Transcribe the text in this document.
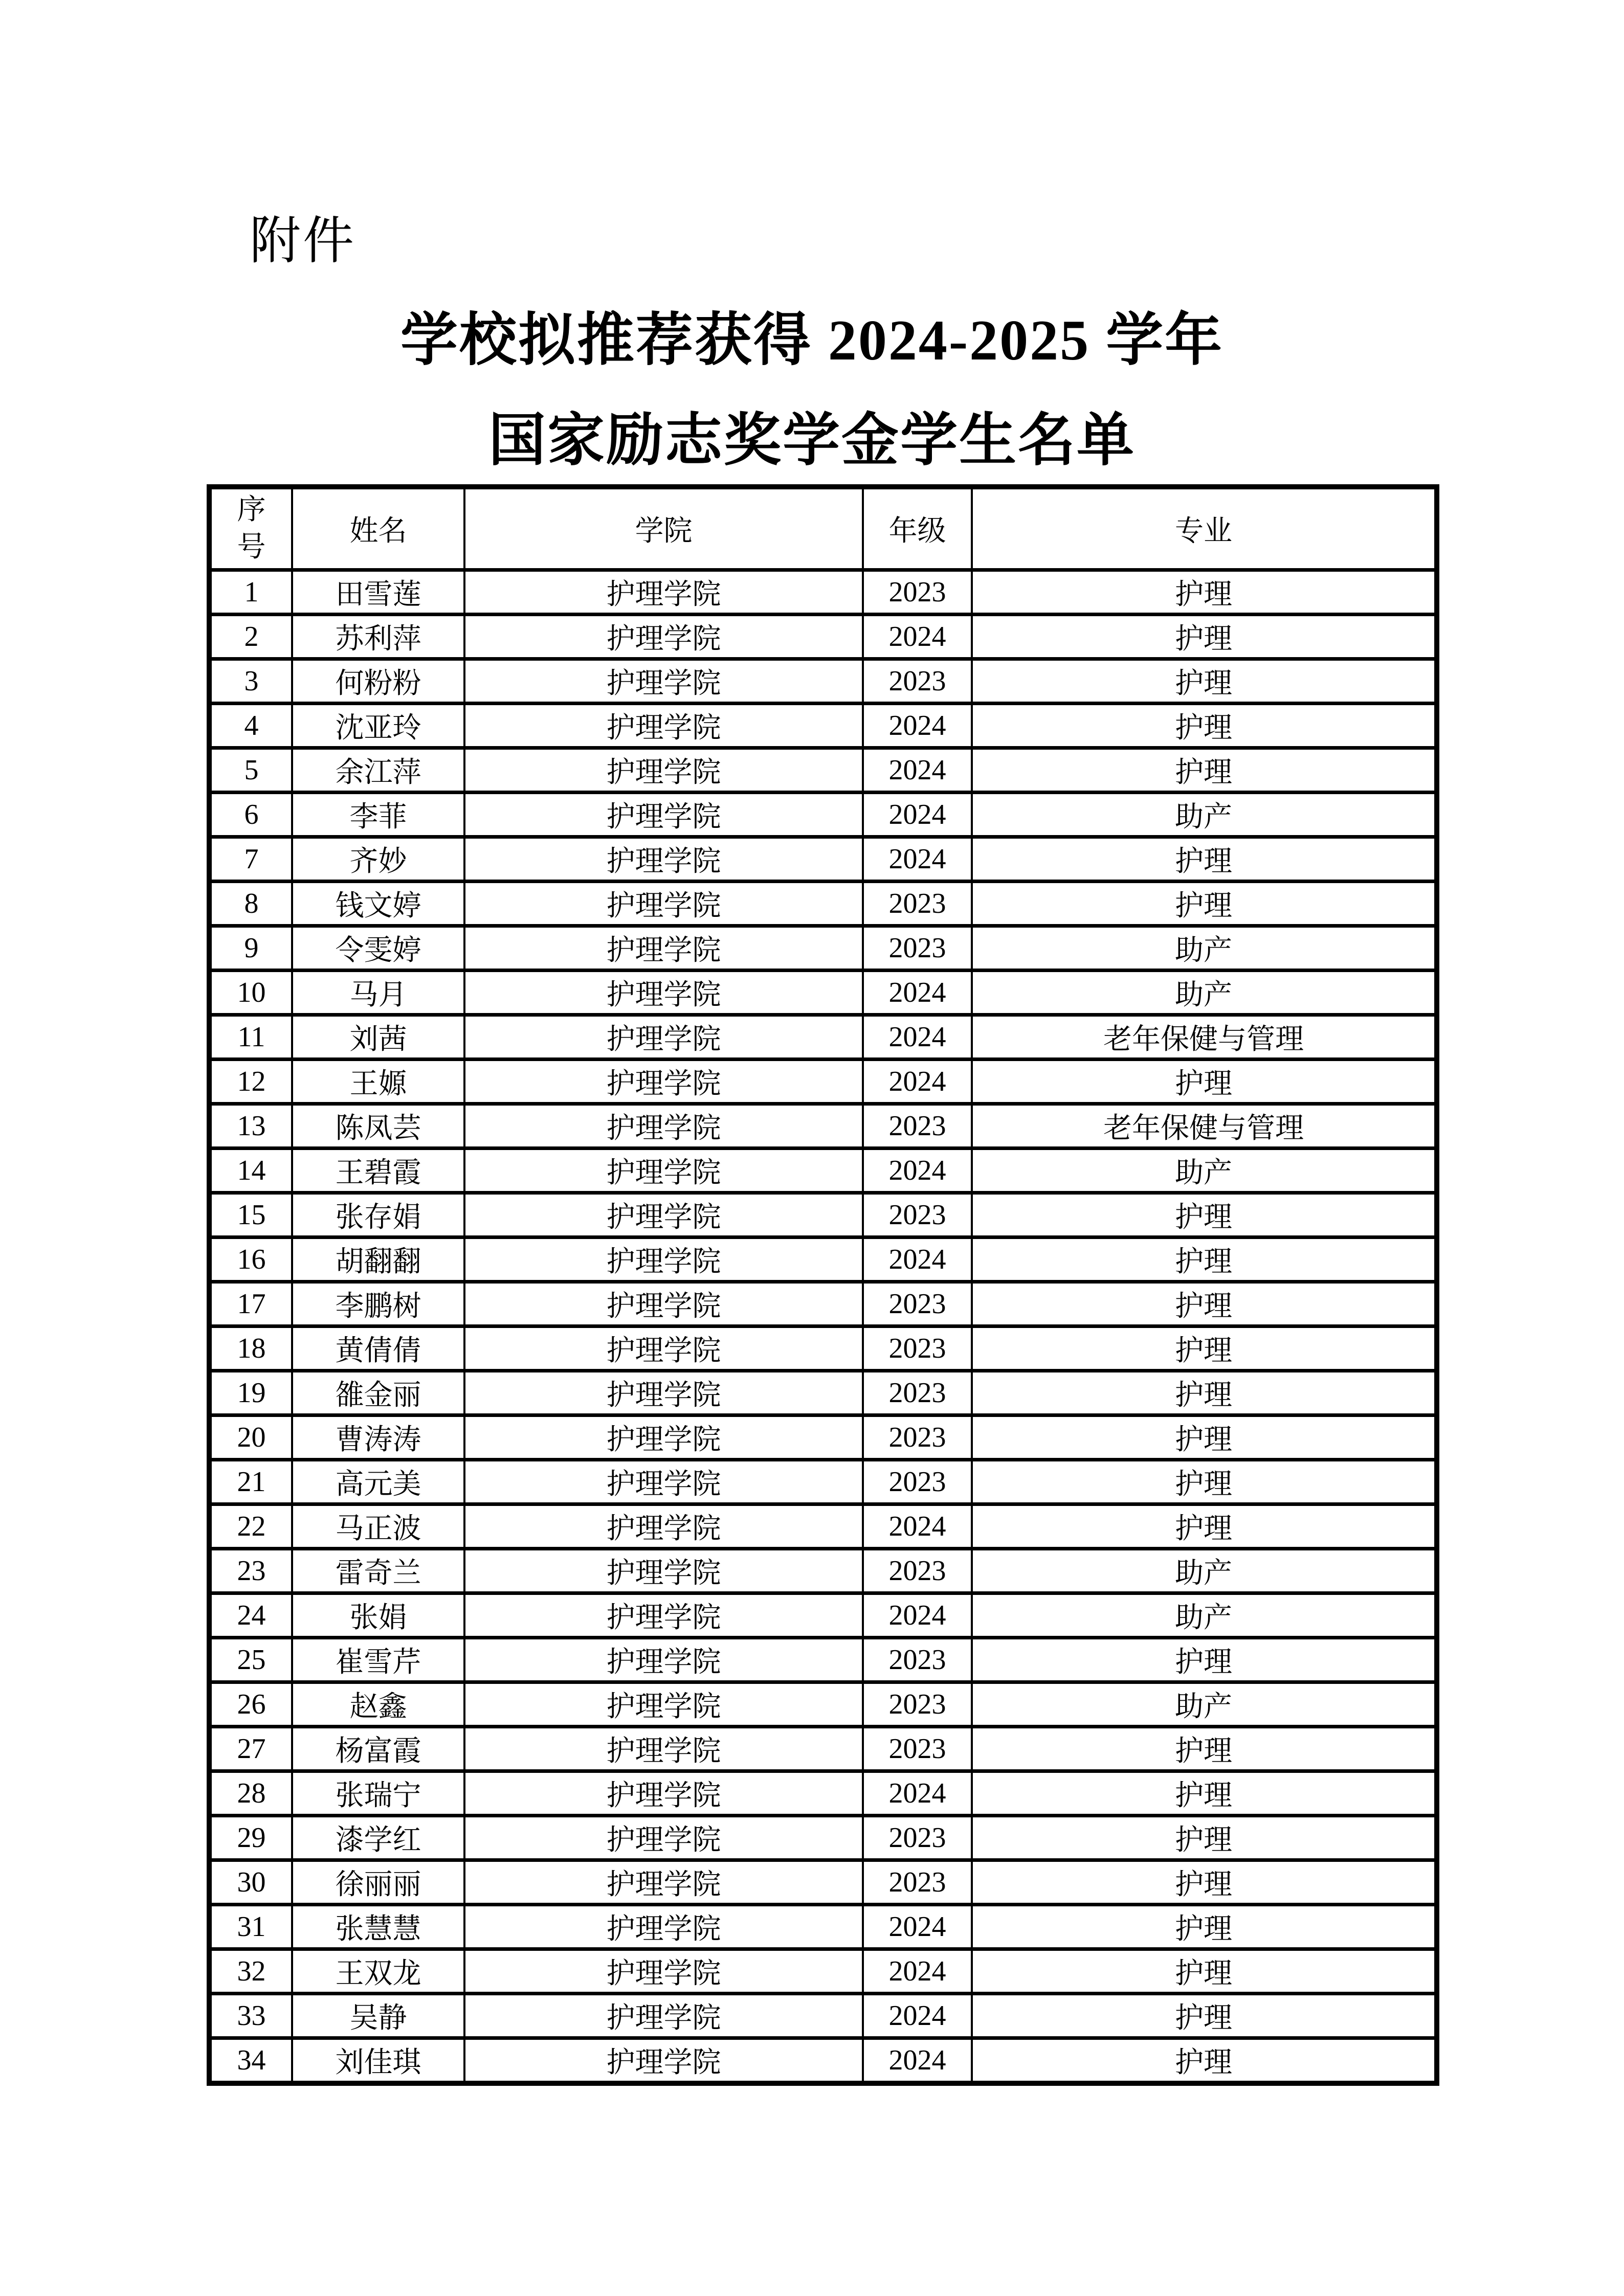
附件
学校拟推荐获得 2024-2025 学年
国家励志奖学金学生名单
序号	姓名	学院	年级	专业
1	田雪莲	护理学院	2023	护理
2	苏利萍	护理学院	2024	护理
3	何粉粉	护理学院	2023	护理
4	沈亚玲	护理学院	2024	护理
5	余江萍	护理学院	2024	护理
6	李菲	护理学院	2024	助产
7	齐妙	护理学院	2024	护理
8	钱文婷	护理学院	2023	护理
9	令雯婷	护理学院	2023	助产
10	马月	护理学院	2024	助产
11	刘茜	护理学院	2024	老年保健与管理
12	王嫄	护理学院	2024	护理
13	陈凤芸	护理学院	2023	老年保健与管理
14	王碧霞	护理学院	2024	助产
15	张存娟	护理学院	2023	护理
16	胡翻翻	护理学院	2024	护理
17	李鹏树	护理学院	2023	护理
18	黄倩倩	护理学院	2023	护理
19	雒金丽	护理学院	2023	护理
20	曹涛涛	护理学院	2023	护理
21	高元美	护理学院	2023	护理
22	马正波	护理学院	2024	护理
23	雷奇兰	护理学院	2023	助产
24	张娟	护理学院	2024	助产
25	崔雪芹	护理学院	2023	护理
26	赵鑫	护理学院	2023	助产
27	杨富霞	护理学院	2023	护理
28	张瑞宁	护理学院	2024	护理
29	漆学红	护理学院	2023	护理
30	徐丽丽	护理学院	2023	护理
31	张慧慧	护理学院	2024	护理
32	王双龙	护理学院	2024	护理
33	吴静	护理学院	2024	护理
34	刘佳琪	护理学院	2024	护理
